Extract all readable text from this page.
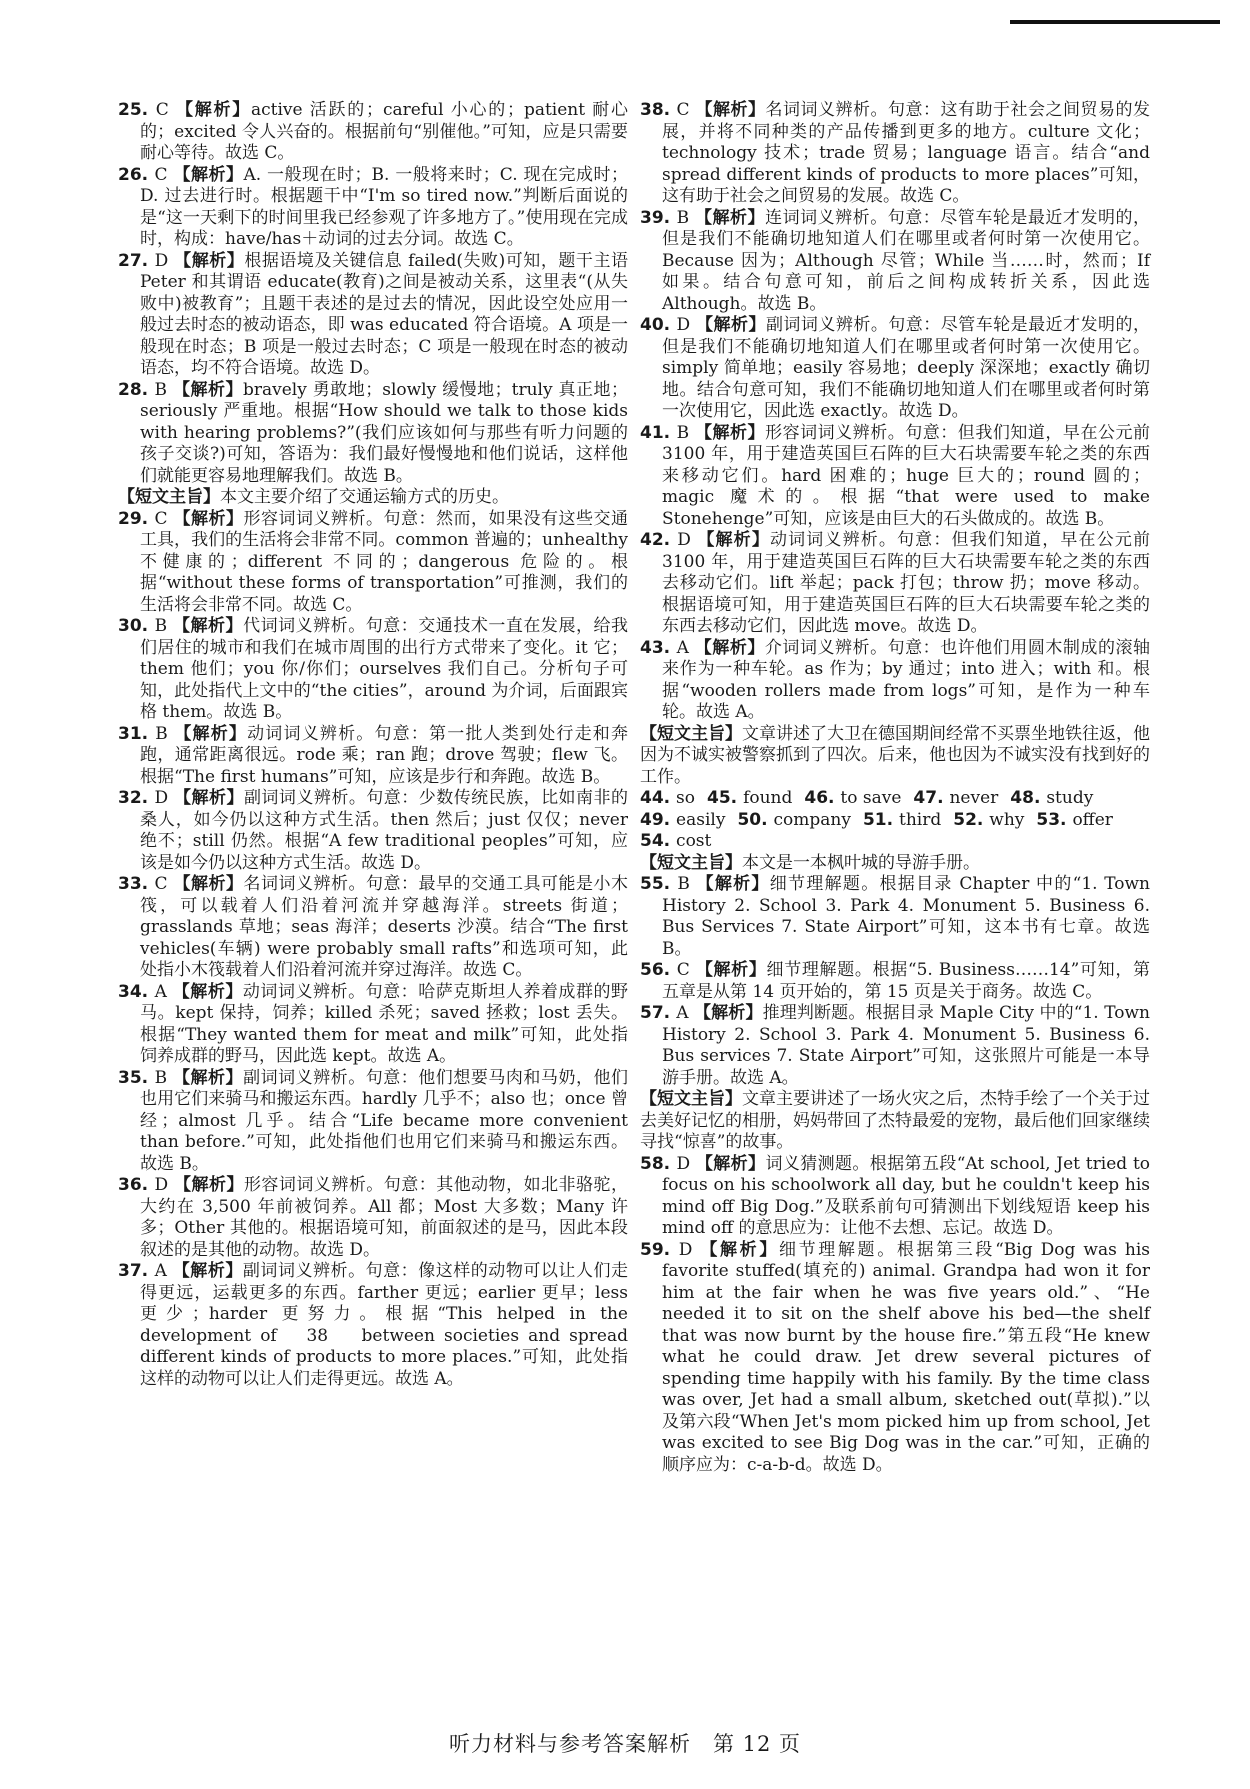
25. C 【解析】active 活跃的；careful 小心的；patient 耐心的；excited 令人兴奋的。根据前句“别催他。”可知，应是只需要耐心等待。故选 C。
26. C 【解析】A. 一般现在时；B. 一般将来时；C. 现在完成时；D. 过去进行时。根据题干中“I'm so tired now.”判断后面说的是“这一天剩下的时间里我已经参观了许多地方了。”使用现在完成时，构成：have/has＋动词的过去分词。故选 C。
27. D 【解析】根据语境及关键信息 failed(失败)可知，题干主语 Peter 和其谓语 educate(教育)之间是被动关系，这里表“(从失败中)被教育”；且题干表述的是过去的情况，因此设空处应用一般过去时态的被动语态，即 was educated 符合语境。A 项是一般现在时态；B 项是一般过去时态；C 项是一般现在时态的被动语态，均不符合语境。故选 D。
28. B 【解析】bravely 勇敢地；slowly 缓慢地；truly 真正地；seriously 严重地。根据“How should we talk to those kids with hearing problems?”(我们应该如何与那些有听力问题的孩子交谈?)可知，答语为：我们最好慢慢地和他们说话，这样他们就能更容易地理解我们。故选 B。
【短文主旨】本文主要介绍了交通运输方式的历史。
29. C 【解析】形容词词义辨析。句意：然而，如果没有这些交通工具，我们的生活将会非常不同。common 普遍的；unhealthy 不健康的；different 不同的；dangerous 危险的。根据“without these forms of transportation”可推测，我们的生活将会非常不同。故选 C。
30. B 【解析】代词词义辨析。句意：交通技术一直在发展，给我们居住的城市和我们在城市周围的出行方式带来了变化。it 它；them 他们；you 你/你们；ourselves 我们自己。分析句子可知，此处指代上文中的“the cities”，around 为介词，后面跟宾格 them。故选 B。
31. B 【解析】动词词义辨析。句意：第一批人类到处行走和奔跑，通常距离很远。rode 乘；ran 跑；drove 驾驶；flew 飞。根据“The first humans”可知，应该是步行和奔跑。故选 B。
32. D 【解析】副词词义辨析。句意：少数传统民族，比如南非的桑人，如今仍以这种方式生活。then 然后；just 仅仅；never 绝不；still 仍然。根据“A few traditional peoples”可知，应该是如今仍以这种方式生活。故选 D。
33. C 【解析】名词词义辨析。句意：最早的交通工具可能是小木筏，可以载着人们沿着河流并穿越海洋。streets 街道；grasslands 草地；seas 海洋；deserts 沙漠。结合“The first vehicles(车辆) were probably small rafts”和选项可知，此处指小木筏载着人们沿着河流并穿过海洋。故选 C。
34. A 【解析】动词词义辨析。句意：哈萨克斯坦人养着成群的野马。kept 保持，饲养；killed 杀死；saved 拯救；lost 丢失。根据“They wanted them for meat and milk”可知，此处指饲养成群的野马，因此选 kept。故选 A。
35. B 【解析】副词词义辨析。句意：他们想要马肉和马奶，他们也用它们来骑马和搬运东西。hardly 几乎不；also 也；once 曾经；almost 几乎。结合“Life became more convenient than before.”可知，此处指他们也用它们来骑马和搬运东西。故选 B。
36. D 【解析】形容词词义辨析。句意：其他动物，如北非骆驼，大约在 3,500 年前被饲养。All 都；Most 大多数；Many 许多；Other 其他的。根据语境可知，前面叙述的是马，因此本段叙述的是其他的动物。故选 D。
37. A 【解析】副词词义辨析。句意：像这样的动物可以让人们走得更远，运载更多的东西。farther 更远；earlier 更早；less 更少；harder 更努力。根据“This helped in the development of 　38　 between societies and spread different kinds of products to more places.”可知，此处指这样的动物可以让人们走得更远。故选 A。
38. C 【解析】名词词义辨析。句意：这有助于社会之间贸易的发展，并将不同种类的产品传播到更多的地方。culture 文化；technology 技术；trade 贸易；language 语言。结合“and spread different kinds of products to more places”可知，这有助于社会之间贸易的发展。故选 C。
39. B 【解析】连词词义辨析。句意：尽管车轮是最近才发明的，但是我们不能确切地知道人们在哪里或者何时第一次使用它。Because 因为；Although 尽管；While 当……时，然而；If 如果。结合句意可知，前后之间构成转折关系，因此选 Although。故选 B。
40. D 【解析】副词词义辨析。句意：尽管车轮是最近才发明的，但是我们不能确切地知道人们在哪里或者何时第一次使用它。simply 简单地；easily 容易地；deeply 深深地；exactly 确切地。结合句意可知，我们不能确切地知道人们在哪里或者何时第一次使用它，因此选 exactly。故选 D。
41. B 【解析】形容词词义辨析。句意：但我们知道，早在公元前 3100 年，用于建造英国巨石阵的巨大石块需要车轮之类的东西来移动它们。hard 困难的；huge 巨大的；round 圆的；magic 魔术的。根据“that were used to make Stonehenge”可知，应该是由巨大的石头做成的。故选 B。
42. D 【解析】动词词义辨析。句意：但我们知道，早在公元前 3100 年，用于建造英国巨石阵的巨大石块需要车轮之类的东西去移动它们。lift 举起；pack 打包；throw 扔；move 移动。根据语境可知，用于建造英国巨石阵的巨大石块需要车轮之类的东西去移动它们，因此选 move。故选 D。
43. A 【解析】介词词义辨析。句意：也许他们用圆木制成的滚轴来作为一种车轮。as 作为；by 通过；into 进入；with 和。根据“wooden rollers made from logs”可知，是作为一种车轮。故选 A。
【短文主旨】文章讲述了大卫在德国期间经常不买票坐地铁往返，他因为不诚实被警察抓到了四次。后来，他也因为不诚实没有找到好的工作。
44. so 45. found 46. to save 47. never 48. study
49. easily 50. company 51. third 52. why 53. offer
54. cost
【短文主旨】本文是一本枫叶城的导游手册。
55. B 【解析】细节理解题。根据目录 Chapter 中的“1. Town History 2. School 3. Park 4. Monument 5. Business 6. Bus Services 7. State Airport”可知，这本书有七章。故选 B。
56. C 【解析】细节理解题。根据“5. Business……14”可知，第五章是从第 14 页开始的，第 15 页是关于商务。故选 C。
57. A 【解析】推理判断题。根据目录 Maple City 中的“1. Town History 2. School 3. Park 4. Monument 5. Business 6. Bus services 7. State Airport”可知，这张照片可能是一本导游手册。故选 A。
【短文主旨】文章主要讲述了一场火灾之后，杰特手绘了一个关于过去美好记忆的相册，妈妈带回了杰特最爱的宠物，最后他们回家继续寻找“惊喜”的故事。
58. D 【解析】词义猜测题。根据第五段“At school, Jet tried to focus on his schoolwork all day, but he couldn't keep his mind off Big Dog.”及联系前句可猜测出下划线短语 keep his mind off 的意思应为：让他不去想、忘记。故选 D。
59. D 【解析】细节理解题。根据第三段“Big Dog was his favorite stuffed(填充的) animal. Grandpa had won it for him at the fair when he was five years old.”、“He needed it to sit on the shelf above his bed—the shelf that was now burnt by the house fire.”第五段“He knew what he could draw. Jet drew several pictures of spending time happily with his family. By the time class was over, Jet had a small album, sketched out(草拟).”以及第六段“When Jet's mom picked him up from school, Jet was excited to see Big Dog was in the car.”可知，正确的顺序应为：c-a-b-d。故选 D。
听力材料与参考答案解析　第 12 页
